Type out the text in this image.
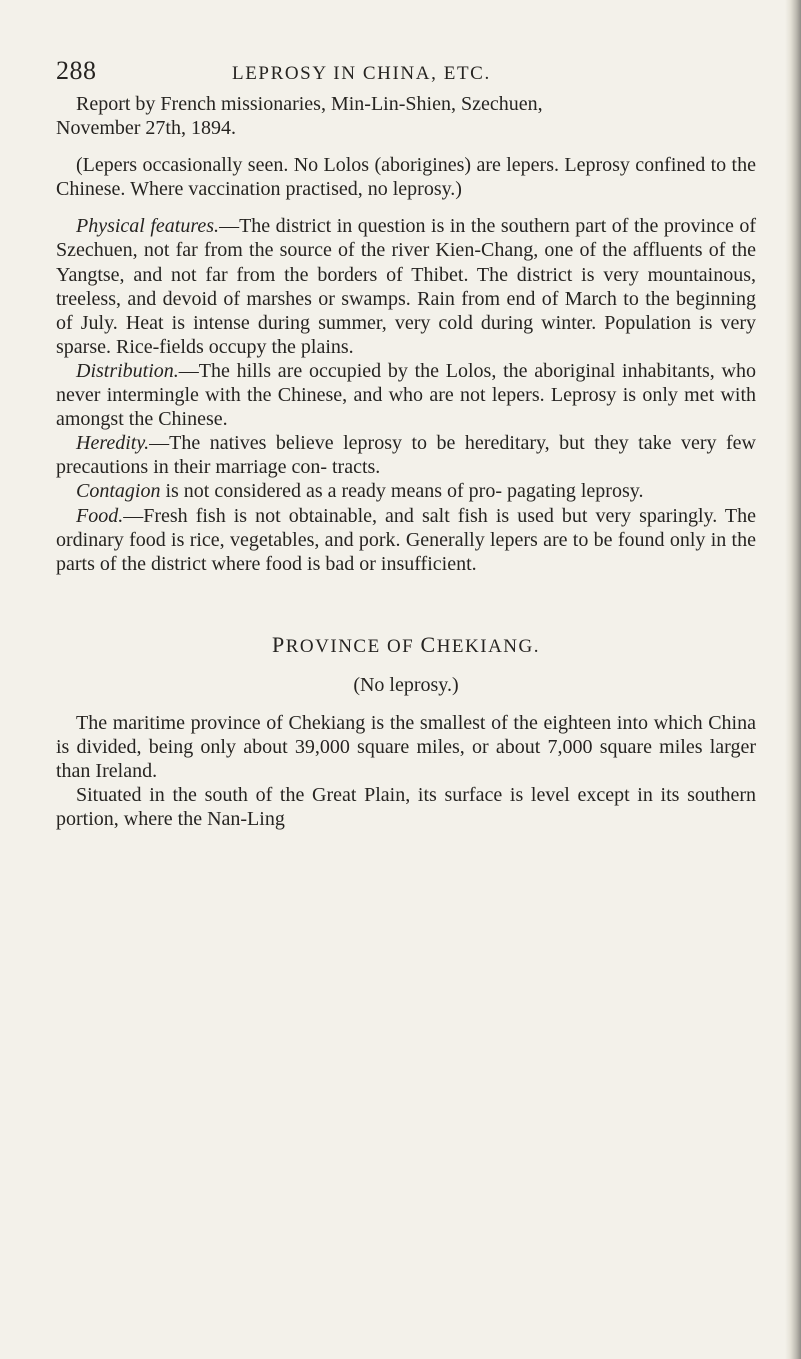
288	LEPROSY IN CHINA, ETC.

Report by French missionaries, Min-Lin-Shien, Szechuen,
November 27th, 1894.

(Lepers occasionally seen. No Lolos (aborigines) are lepers. Leprosy confined to the Chinese. Where vaccination practised, no leprosy.)

Physical features.—The district in question is in the southern part of the province of Szechuen, not far from the source of the river Kien-Chang, one of the affluents of the Yangtse, and not far from the borders of Thibet. The district is very mountainous, treeless, and devoid of marshes or swamps. Rain from end of March to the beginning of July. Heat is intense during summer, very cold during winter. Population is very sparse. Rice-fields occupy the plains.

Distribution.—The hills are occupied by the Lolos, the aboriginal inhabitants, who never intermingle with the Chinese, and who are not lepers. Leprosy is only met with amongst the Chinese.

Heredity.—The natives believe leprosy to be hereditary, but they take very few precautions in their marriage con- tracts.

Contagion is not considered as a ready means of pro- pagating leprosy.

Food.—Fresh fish is not obtainable, and salt fish is used but very sparingly. The ordinary food is rice, vegetables, and pork. Generally lepers are to be found only in the parts of the district where food is bad or insufficient.

PROVINCE OF CHEKIANG.

(No leprosy.)

The maritime province of Chekiang is the smallest of the eighteen into which China is divided, being only about 39,000 square miles, or about 7,000 square miles larger than Ireland.

Situated in the south of the Great Plain, its surface is level except in its southern portion, where the Nan-Ling
